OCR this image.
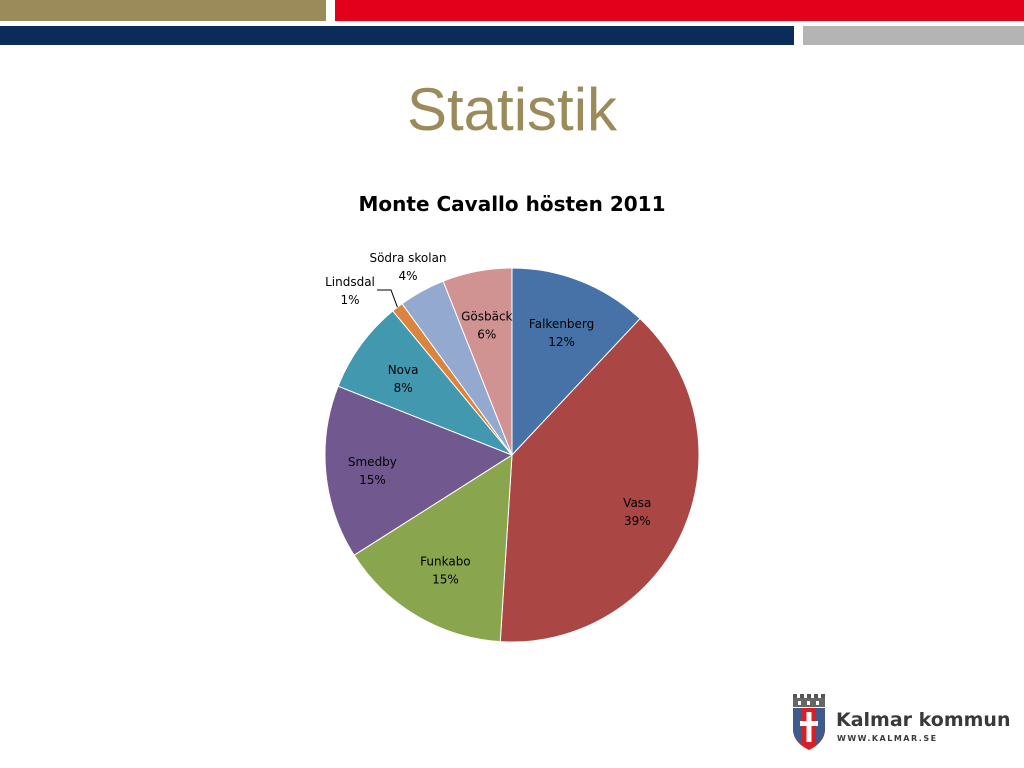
Statistik
Monte Cavallo hösten 2011
Falkenberg
12%
Vasa
39%
Funkabo
15%
Smedby
15%
Nova
8%
Lindsdal
1%
Södra skolan
4%
Gösbäck
6%
Kalmar kommun
WWW.KALMAR.SE
